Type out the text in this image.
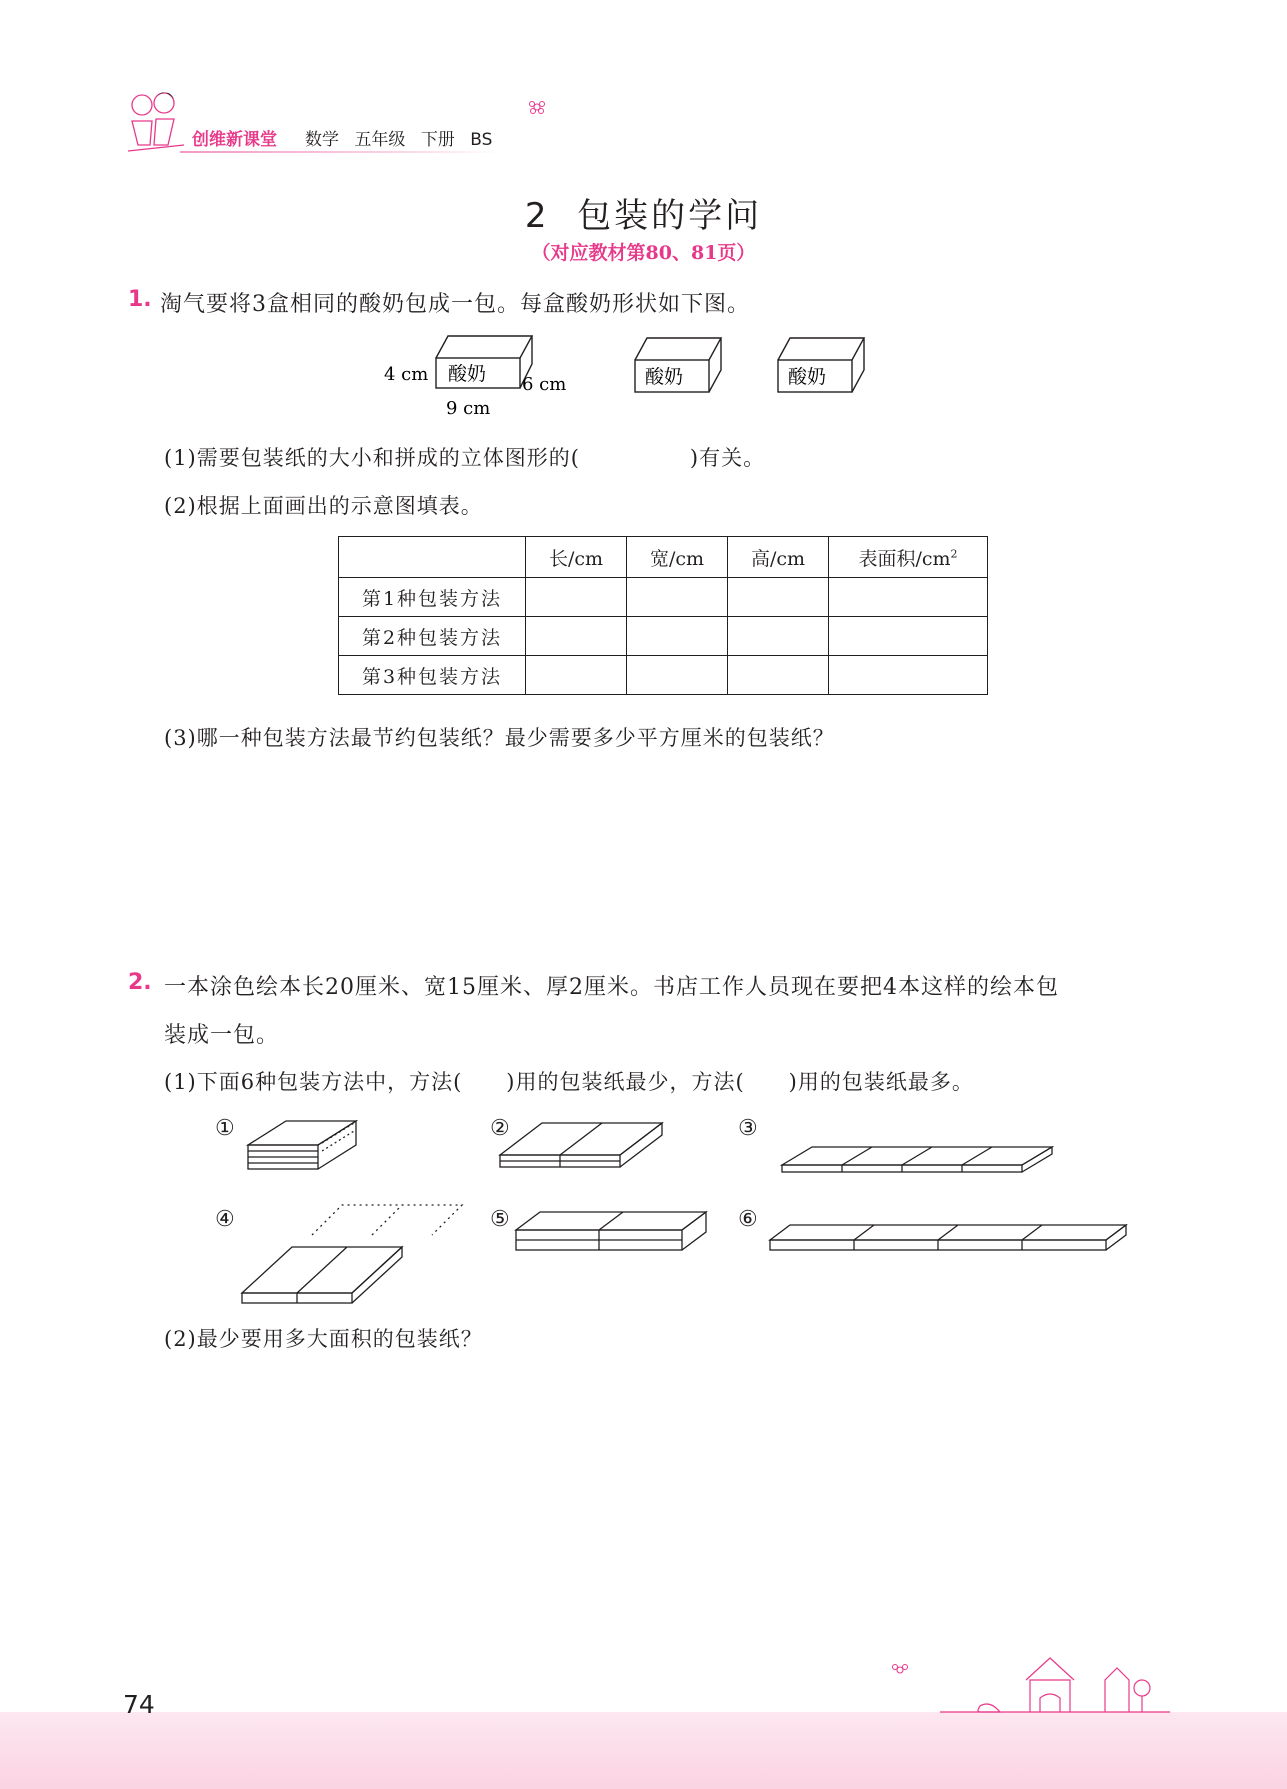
创维新课堂 数学 五年级 下册 BS
2  包装的学问
（对应教材第80、81页）
1. 淘气要将3盒相同的酸奶包成一包。每盒酸奶形状如下图。
酸奶	酸奶	酸奶
4 cm	6 cm
9 cm
(1)需要包装纸的大小和拼成的立体图形的(　　　　　)有关。
(2)根据上面画出的示意图填表。
	长/cm	宽/cm	高/cm	表面积$/cm^2$
第1种包装方法				
第2种包装方法				
第3种包装方法				
(3)哪一种包装方法最节约包装纸？最少需要多少平方厘米的包装纸？
2. 一本涂色绘本长20厘米、宽15厘米、厚2厘米。书店工作人员现在要把4本这样的绘本包
装成一包。
(1)下面6种包装方法中，方法(　　)用的包装纸最少，方法(　　)用的包装纸最多。
①	②	③
④	⑤	⑥
(2)最少要用多大面积的包装纸？
74
